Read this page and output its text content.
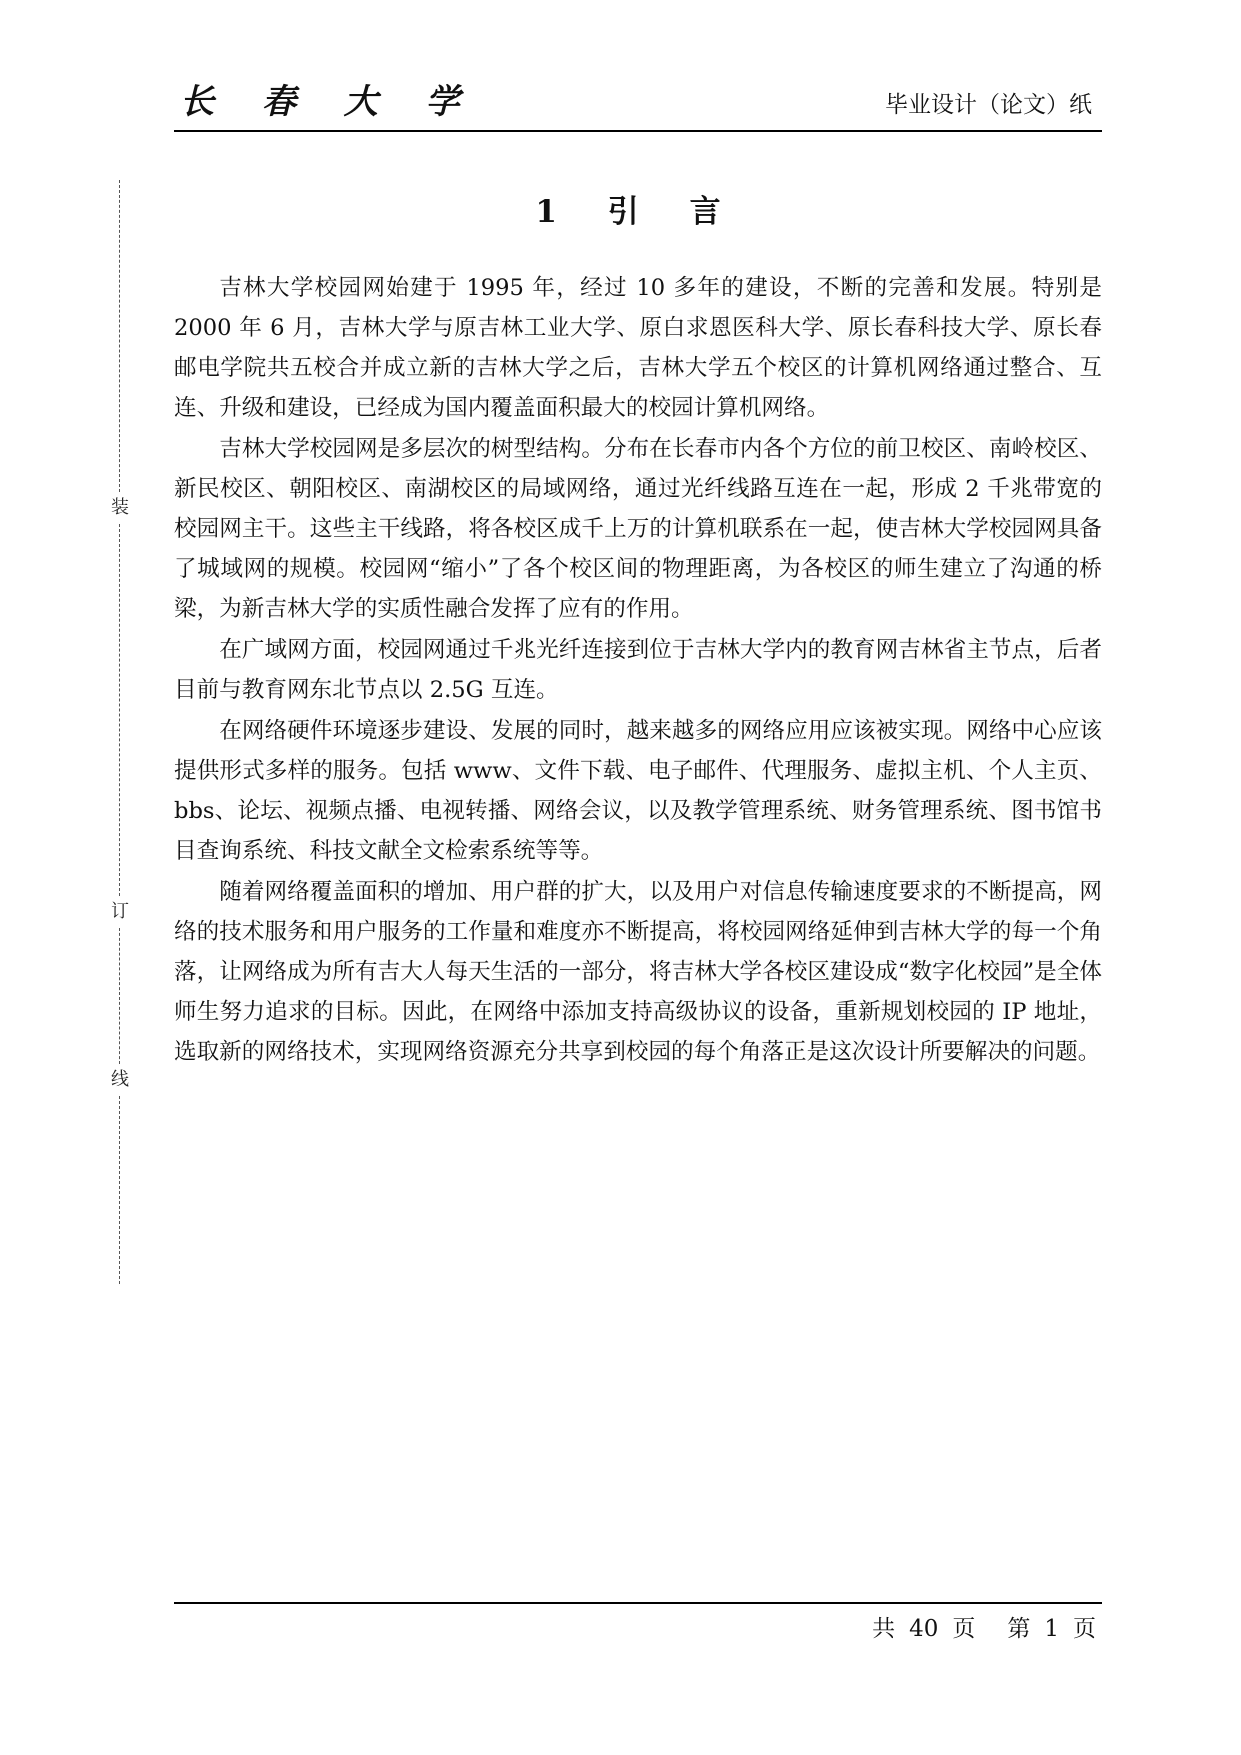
长 春 大 学	毕业设计（论文）纸
装
订
线
1 引 言

吉林大学校园网始建于 1995 年，经过 10 多年的建设，不断的完善和发展。特别是 2000 年 6 月，吉林大学与原吉林工业大学、原白求恩医科大学、原长春科技大学、原长春邮电学院共五校合并成立新的吉林大学之后，吉林大学五个校区的计算机网络通过整合、互连、升级和建设，已经成为国内覆盖面积最大的校园计算机网络。

吉林大学校园网是多层次的树型结构。分布在长春市内各个方位的前卫校区、南岭校区、新民校区、朝阳校区、南湖校区的局域网络，通过光纤线路互连在一起，形成 2 千兆带宽的校园网主干。这些主干线路，将各校区成千上万的计算机联系在一起，使吉林大学校园网具备了城域网的规模。校园网“缩小”了各个校区间的物理距离，为各校区的师生建立了沟通的桥梁，为新吉林大学的实质性融合发挥了应有的作用。

在广域网方面，校园网通过千兆光纤连接到位于吉林大学内的教育网吉林省主节点，后者目前与教育网东北节点以 2.5G 互连。

在网络硬件环境逐步建设、发展的同时，越来越多的网络应用应该被实现。网络中心应该提供形式多样的服务。包括 www、文件下载、电子邮件、代理服务、虚拟主机、个人主页、bbs、论坛、视频点播、电视转播、网络会议，以及教学管理系统、财务管理系统、图书馆书目查询系统、科技文献全文检索系统等等。

随着网络覆盖面积的增加、用户群的扩大，以及用户对信息传输速度要求的不断提高，网络的技术服务和用户服务的工作量和难度亦不断提高，将校园网络延伸到吉林大学的每一个角落，让网络成为所有吉大人每天生活的一部分，将吉林大学各校区建设成“数字化校园”是全体师生努力追求的目标。因此，在网络中添加支持高级协议的设备，重新规划校园的 IP 地址，选取新的网络技术，实现网络资源充分共享到校园的每个角落正是这次设计所要解决的问题。

共 40 页 第 1 页
